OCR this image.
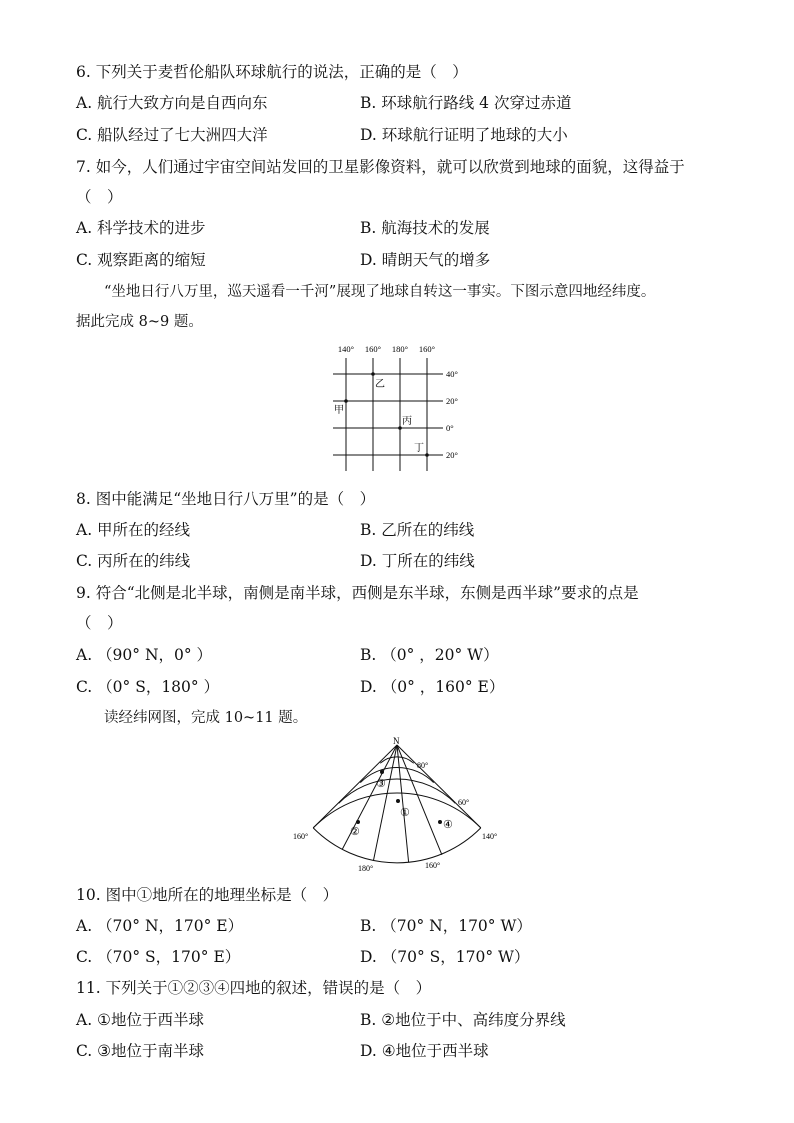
6. 下列关于麦哲伦船队环球航行的说法，正确的是（　）
A. 航行大致方向是自西向东	B. 环球航行路线 4 次穿过赤道
C. 船队经过了七大洲四大洋	D. 环球航行证明了地球的大小
7. 如今，人们通过宇宙空间站发回的卫星影像资料，就可以欣赏到地球的面貌，这得益于
（　）
A. 科学技术的进步	B. 航海技术的发展
C. 观察距离的缩短	D. 晴朗天气的增多
“坐地日行八万里，巡天遥看一千河”展现了地球自转这一事实。下图示意四地经纬度。
据此完成 8~9 题。
140° 160° 180° 160°
40°
20°
0°
20°
乙
甲
丙
丁
8. 图中能满足“坐地日行八万里”的是（　）
A. 甲所在的经线	B. 乙所在的纬线
C. 丙所在的纬线	D. 丁所在的纬线
9. 符合“北侧是北半球，南侧是南半球，西侧是东半球，东侧是西半球”要求的点是
（　）
A. （90° N，0° ）	B. （0° ，20° W）
C. （0° S，180° ）	D. （0° ，160° E）
读经纬网图，完成 10~11 题。
N
80°
60°
160°
180°	160°
140°
①
②
③
④
10. 图中①地所在的地理坐标是（　）
A. （70° N，170° E）	B. （70° N，170° W）
C. （70° S，170° E）	D. （70° S，170° W）
11. 下列关于①②③④四地的叙述，错误的是（　）
A. ①地位于西半球	B. ②地位于中、高纬度分界线
C. ③地位于南半球	D. ④地位于西半球
